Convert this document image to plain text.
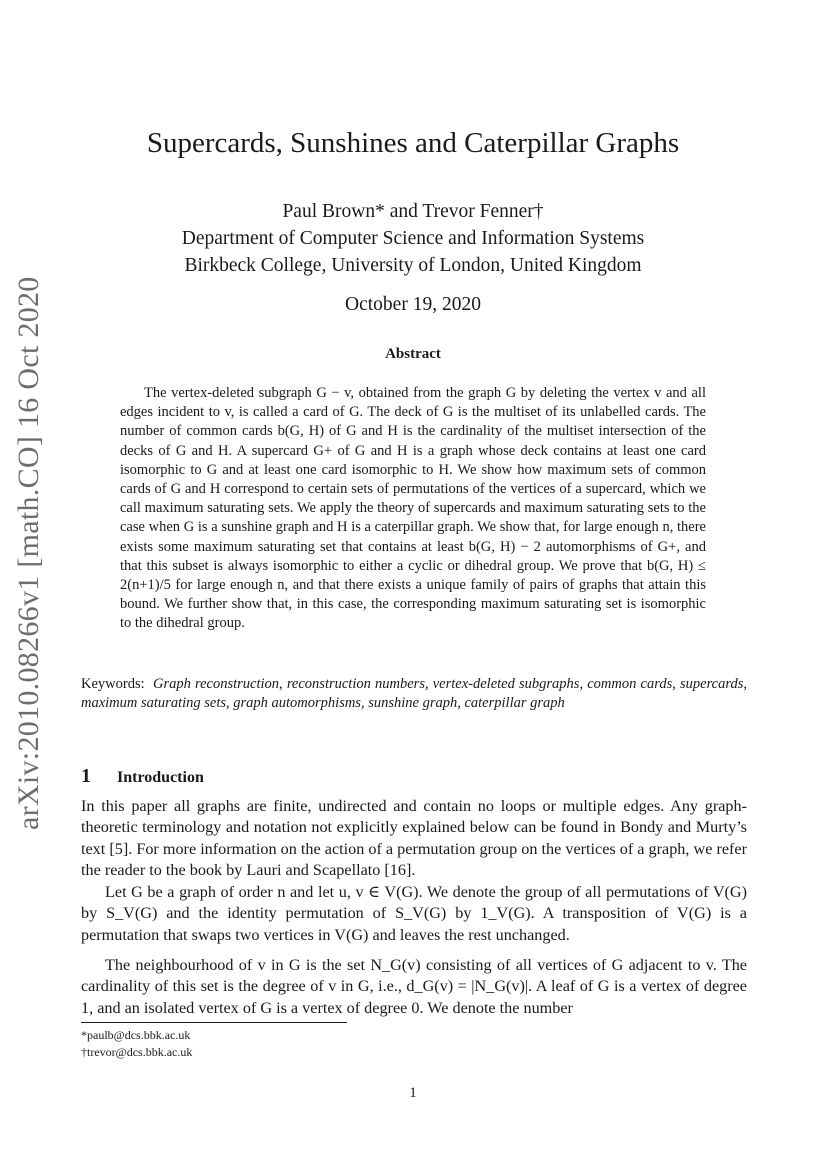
arXiv:2010.08266v1 [math.CO] 16 Oct 2020
Supercards, Sunshines and Caterpillar Graphs
Paul Brown* and Trevor Fenner†
Department of Computer Science and Information Systems
Birkbeck College, University of London, United Kingdom
October 19, 2020
Abstract

The vertex-deleted subgraph G − v, obtained from the graph G by deleting the vertex v and all edges incident to v, is called a card of G. The deck of G is the multiset of its unlabelled cards. The number of common cards b(G, H) of G and H is the cardinality of the multiset intersection of the decks of G and H. A supercard G+ of G and H is a graph whose deck contains at least one card isomorphic to G and at least one card isomorphic to H. We show how maximum sets of common cards of G and H correspond to certain sets of permutations of the vertices of a supercard, which we call maximum saturating sets. We apply the theory of supercards and maximum saturating sets to the case when G is a sunshine graph and H is a caterpillar graph. We show that, for large enough n, there exists some maximum saturating set that contains at least b(G, H) − 2 automorphisms of G+, and that this subset is always isomorphic to either a cyclic or dihedral group. We prove that b(G, H) ≤ 2(n+1)/5 for large enough n, and that there exists a unique family of pairs of graphs that attain this bound. We further show that, in this case, the corresponding maximum saturating set is isomorphic to the dihedral group.

Keywords: Graph reconstruction, reconstruction numbers, vertex-deleted subgraphs, common cards, supercards, maximum saturating sets, graph automorphisms, sunshine graph, caterpillar graph

1 Introduction

In this paper all graphs are finite, undirected and contain no loops or multiple edges. Any graph-theoretic terminology and notation not explicitly explained below can be found in Bondy and Murty’s text [5]. For more information on the action of a permutation group on the vertices of a graph, we refer the reader to the book by Lauri and Scapellato [16].

Let G be a graph of order n and let u, v ∈ V(G). We denote the group of all permutations of V(G) by S_V(G) and the identity permutation of S_V(G) by 1_V(G). A transposition of V(G) is a permutation that swaps two vertices in V(G) and leaves the rest unchanged.

The neighbourhood of v in G is the set N_G(v) consisting of all vertices of G adjacent to v. The cardinality of this set is the degree of v in G, i.e., d_G(v) = |N_G(v)|. A leaf of G is a vertex of degree 1, and an isolated vertex of G is a vertex of degree 0. We denote the number

*paulb@dcs.bbk.ac.uk
†trevor@dcs.bbk.ac.uk
1
